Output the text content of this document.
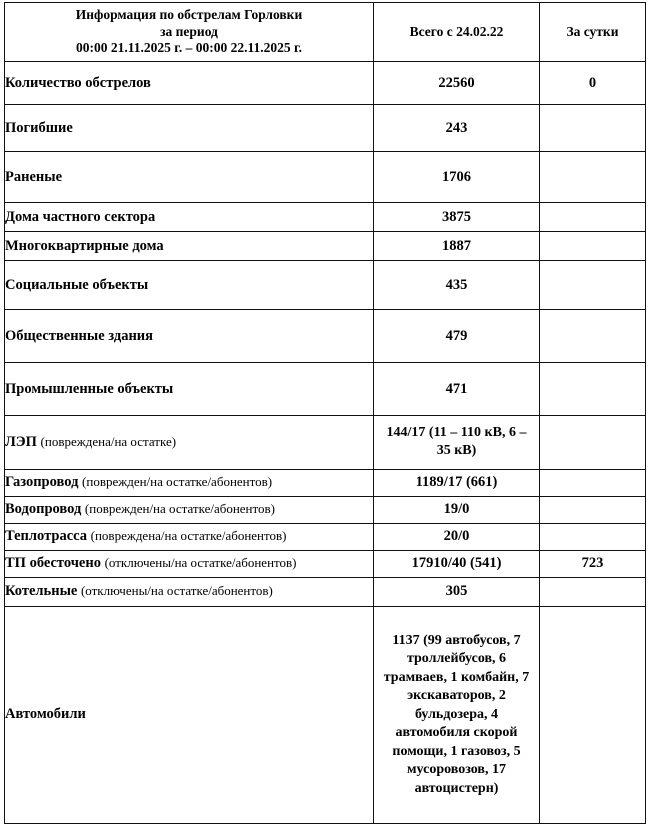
Информация по обстрелам Горловки
за период
00:00 21.11.2025 г. – 00:00 22.11.2025 г.	Всего с 24.02.22	За сутки
Количество обстрелов	22560	0
Погибшие	243	
Раненые	1706	
Дома частного сектора	3875	
Многоквартирные дома	1887	
Социальные объекты	435	
Общественные здания	479	
Промышленные объекты	471	
ЛЭП (повреждена/на остатке)	144/17 (11 – 110 кВ, 6 – 35 кВ)	
Газопровод (поврежден/на остатке/абонентов)	1189/17 (661)	
Водопровод (поврежден/на остатке/абонентов)	19/0	
Теплотрасса (повреждена/на остатке/абонентов)	20/0	
ТП обесточено (отключены/на остатке/абонентов)	17910/40 (541)	723
Котельные (отключены/на остатке/абонентов)	305	
Автомобили	1137 (99 автобусов, 7 троллейбусов, 6 трамваев, 1 комбайн, 7 экскаваторов, 2 бульдозера, 4 автомобиля скорой помощи, 1 газовоз, 5 мусоровозов, 17 автоцистерн)	
